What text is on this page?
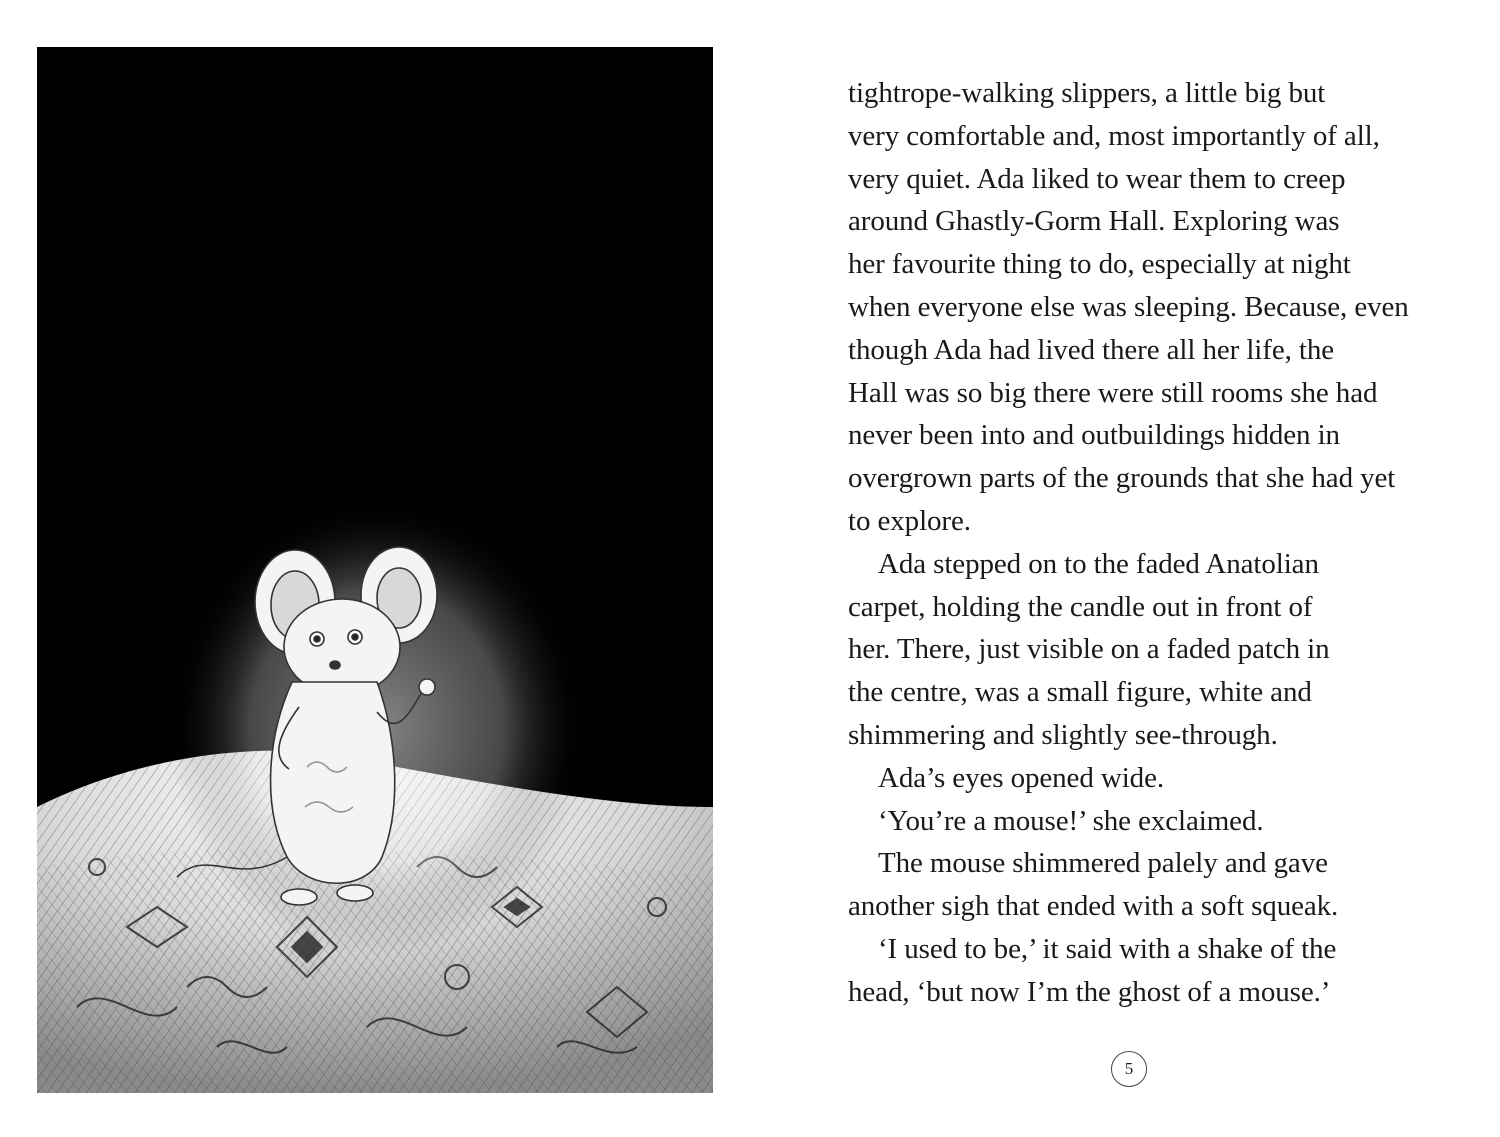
tightrope-walking slippers, a little big but
very comfortable and, most importantly of all,
very quiet. Ada liked to wear them to creep
around Ghastly-Gorm Hall. Exploring was
her favourite thing to do, especially at night
when everyone else was sleeping. Because, even
though Ada had lived there all her life, the
Hall was so big there were still rooms she had
never been into and outbuildings hidden in
overgrown parts of the grounds that she had yet
to explore.
Ada stepped on to the faded Anatolian
carpet, holding the candle out in front of
her. There, just visible on a faded patch in
the centre, was a small figure, white and
shimmering and slightly see-through.
Ada’s eyes opened wide.
‘You’re a mouse!’ she exclaimed.
The mouse shimmered palely and gave
another sigh that ended with a soft squeak.
‘I used to be,’ it said with a shake of the
head, ‘but now I’m the ghost of a mouse.’
5
